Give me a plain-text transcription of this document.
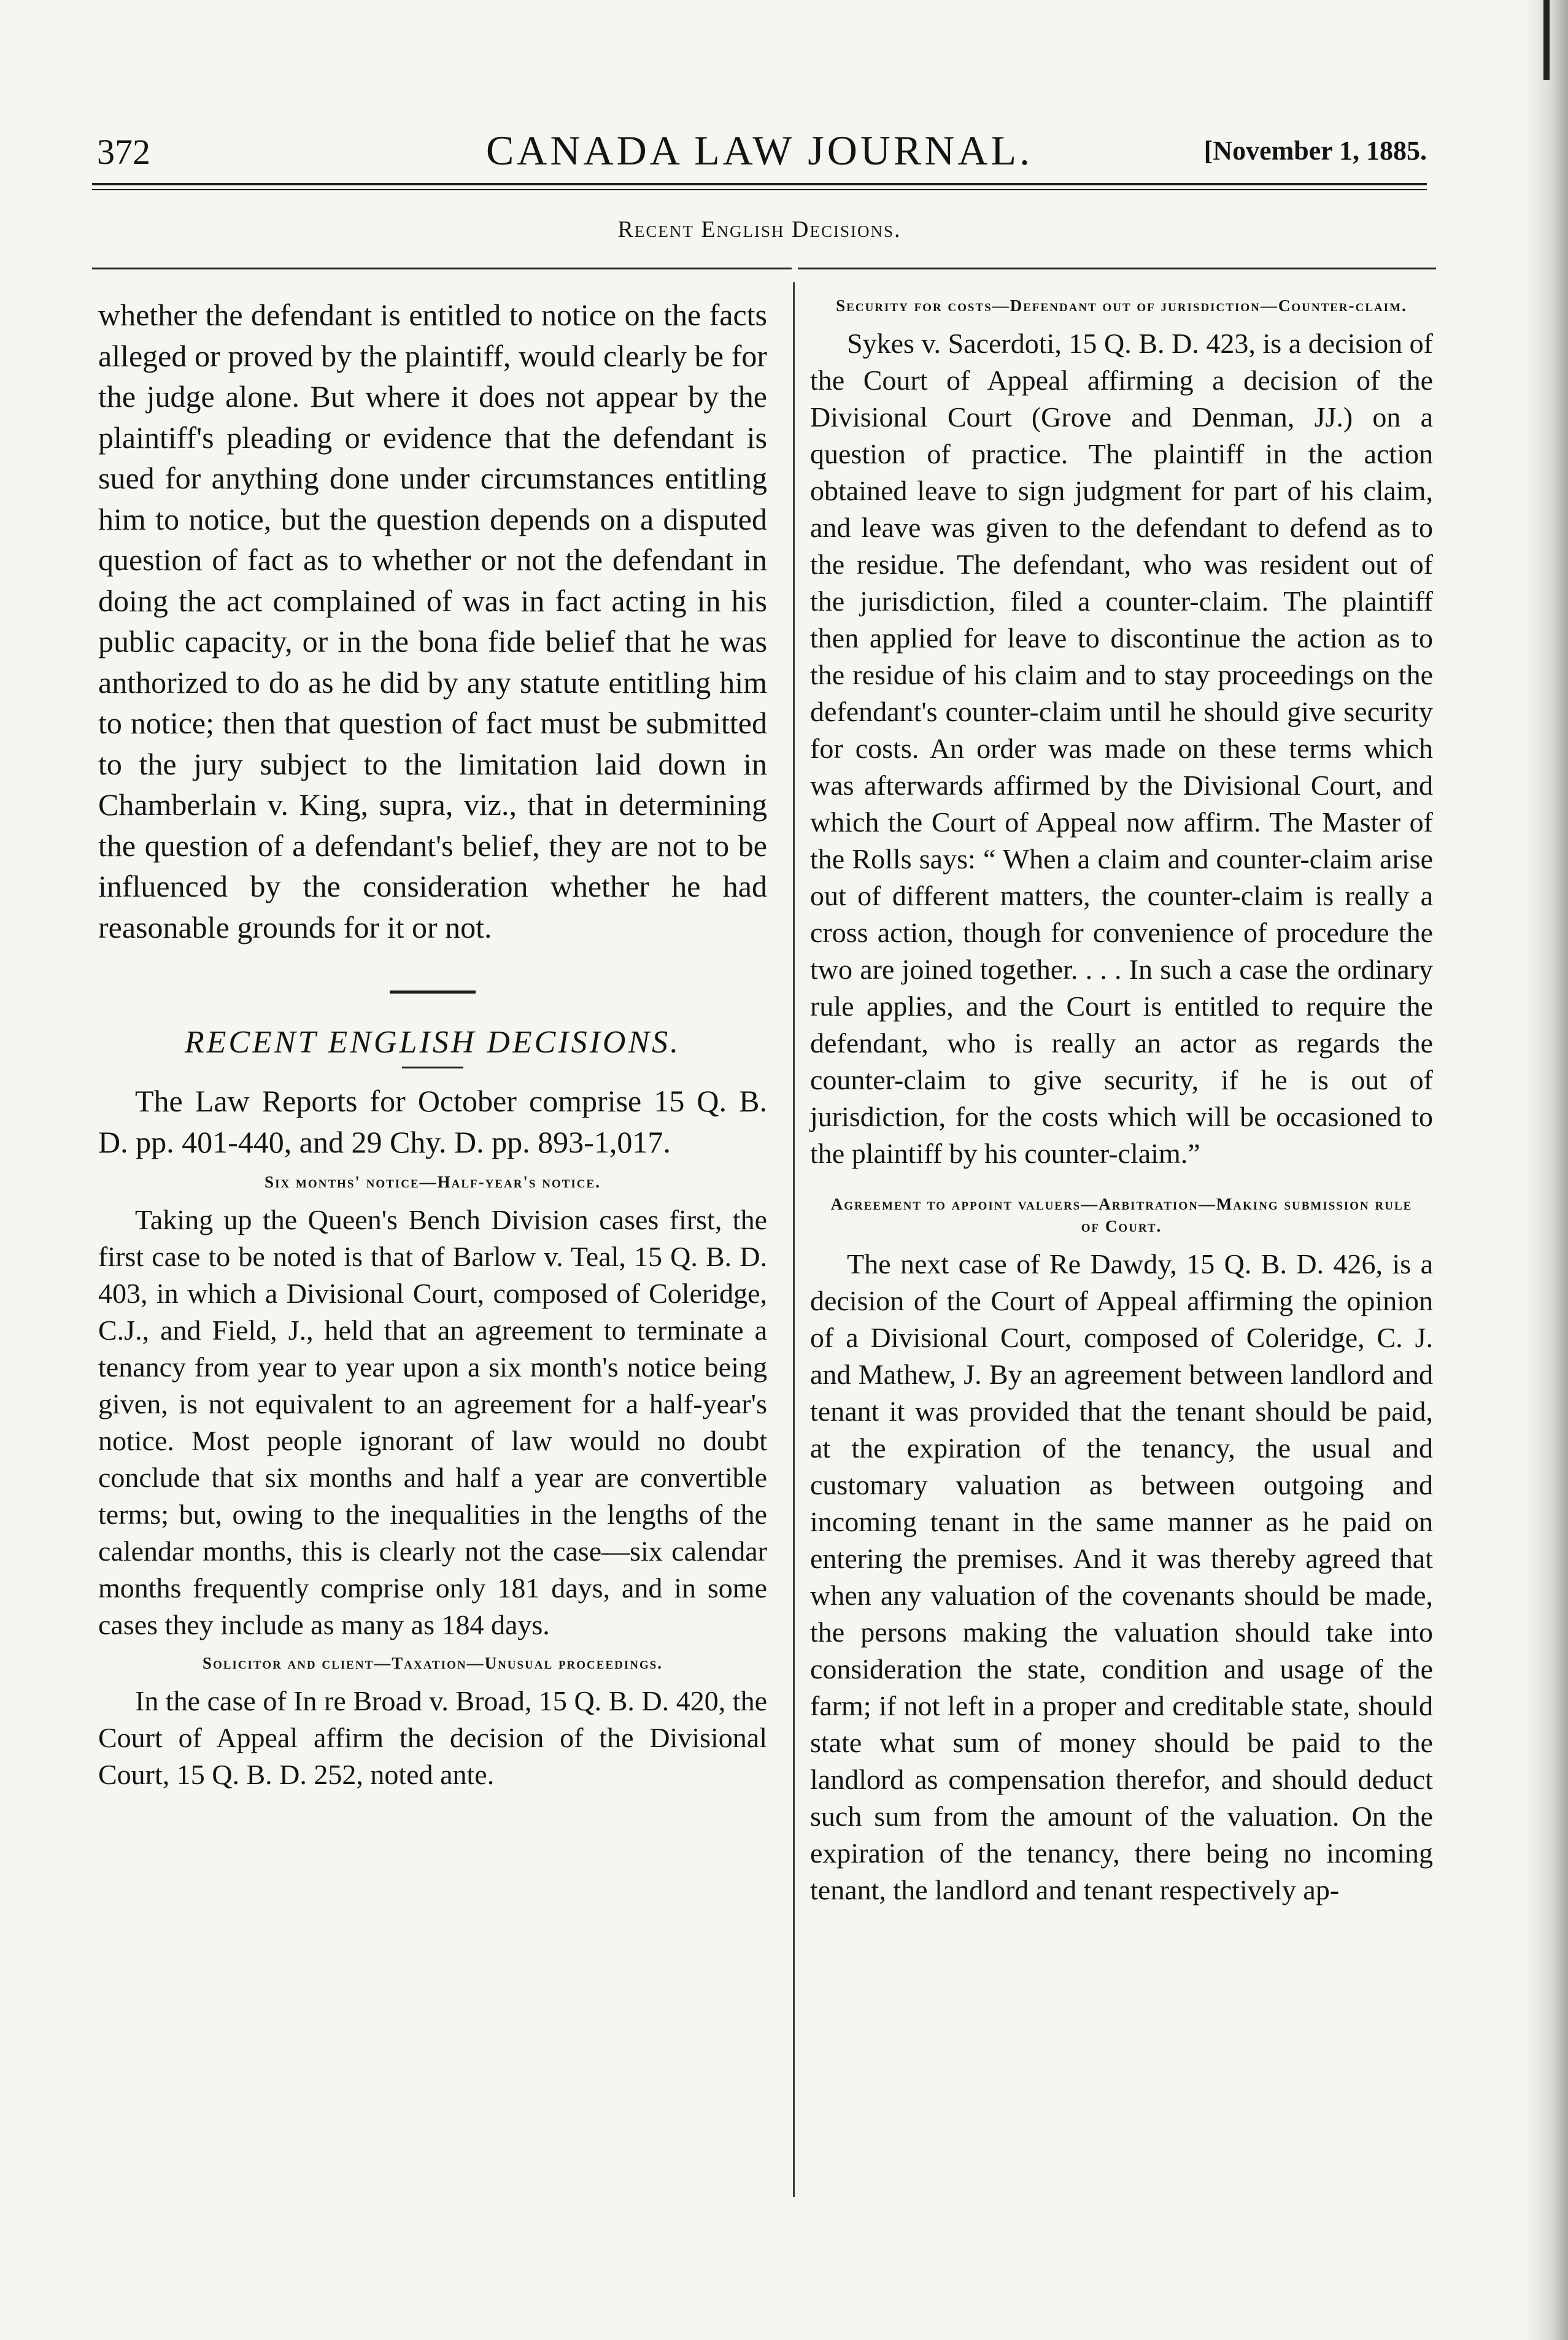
372	CANADA LAW JOURNAL.	[November 1, 1885.
Recent English Decisions.

whether the defendant is entitled to notice on the facts alleged or proved by the plaintiff, would clearly be for the judge alone. But where it does not appear by the plaintiff's pleading or evidence that the defendant is sued for anything done under circumstances entitling him to notice, but the question depends on a disputed question of fact as to whether or not the defendant in doing the act complained of was in fact acting in his public capacity, or in the bona fide belief that he was anthorized to do as he did by any statute entitling him to notice; then that question of fact must be submitted to the jury subject to the limitation laid down in Chamberlain v. King, supra, viz., that in determining the question of a defendant's belief, they are not to be influenced by the consideration whether he had reasonable grounds for it or not.

RECENT ENGLISH DECISIONS.

The Law Reports for October comprise 15 Q. B. D. pp. 401-440, and 29 Chy. D. pp. 893-1,017.

Six months' notice—Half-year's notice.

Taking up the Queen's Bench Division cases first, the first case to be noted is that of Barlow v. Teal, 15 Q. B. D. 403, in which a Divisional Court, composed of Coleridge, C.J., and Field, J., held that an agreement to terminate a tenancy from year to year upon a six month's notice being given, is not equivalent to an agreement for a half-year's notice. Most people ignorant of law would no doubt conclude that six months and half a year are convertible terms; but, owing to the inequalities in the lengths of the calendar months, this is clearly not the case—six calendar months frequently comprise only 181 days, and in some cases they include as many as 184 days.

Solicitor and client—Taxation—Unusual proceedings.

In the case of In re Broad v. Broad, 15 Q. B. D. 420, the Court of Appeal affirm the decision of the Divisional Court, 15 Q. B. D. 252, noted ante.

Security for costs—Defendant out of jurisdiction—Counter-claim.

Sykes v. Sacerdoti, 15 Q. B. D. 423, is a decision of the Court of Appeal affirming a decision of the Divisional Court (Grove and Denman, JJ.) on a question of practice. The plaintiff in the action obtained leave to sign judgment for part of his claim, and leave was given to the defendant to defend as to the residue. The defendant, who was resident out of the jurisdiction, filed a counter-claim. The plaintiff then applied for leave to discontinue the action as to the residue of his claim and to stay proceedings on the defendant's counter-claim until he should give security for costs. An order was made on these terms which was afterwards affirmed by the Divisional Court, and which the Court of Appeal now affirm. The Master of the Rolls says: “ When a claim and counter-claim arise out of different matters, the counter-claim is really a cross action, though for convenience of procedure the two are joined together. . . . In such a case the ordinary rule applies, and the Court is entitled to require the defendant, who is really an actor as regards the counter-claim to give security, if he is out of jurisdiction, for the costs which will be occasioned to the plaintiff by his counter-claim.”

Agreement to appoint valuers—Arbitration—Making submission rule of Court.

The next case of Re Dawdy, 15 Q. B. D. 426, is a decision of the Court of Appeal affirming the opinion of a Divisional Court, composed of Coleridge, C. J. and Mathew, J. By an agreement between landlord and tenant it was provided that the tenant should be paid, at the expiration of the tenancy, the usual and customary valuation as between outgoing and incoming tenant in the same manner as he paid on entering the premises. And it was thereby agreed that when any valuation of the covenants should be made, the persons making the valuation should take into consideration the state, condition and usage of the farm; if not left in a proper and creditable state, should state what sum of money should be paid to the landlord as compensation therefor, and should deduct such sum from the amount of the valuation. On the expiration of the tenancy, there being no incoming tenant, the landlord and tenant respectively ap-
